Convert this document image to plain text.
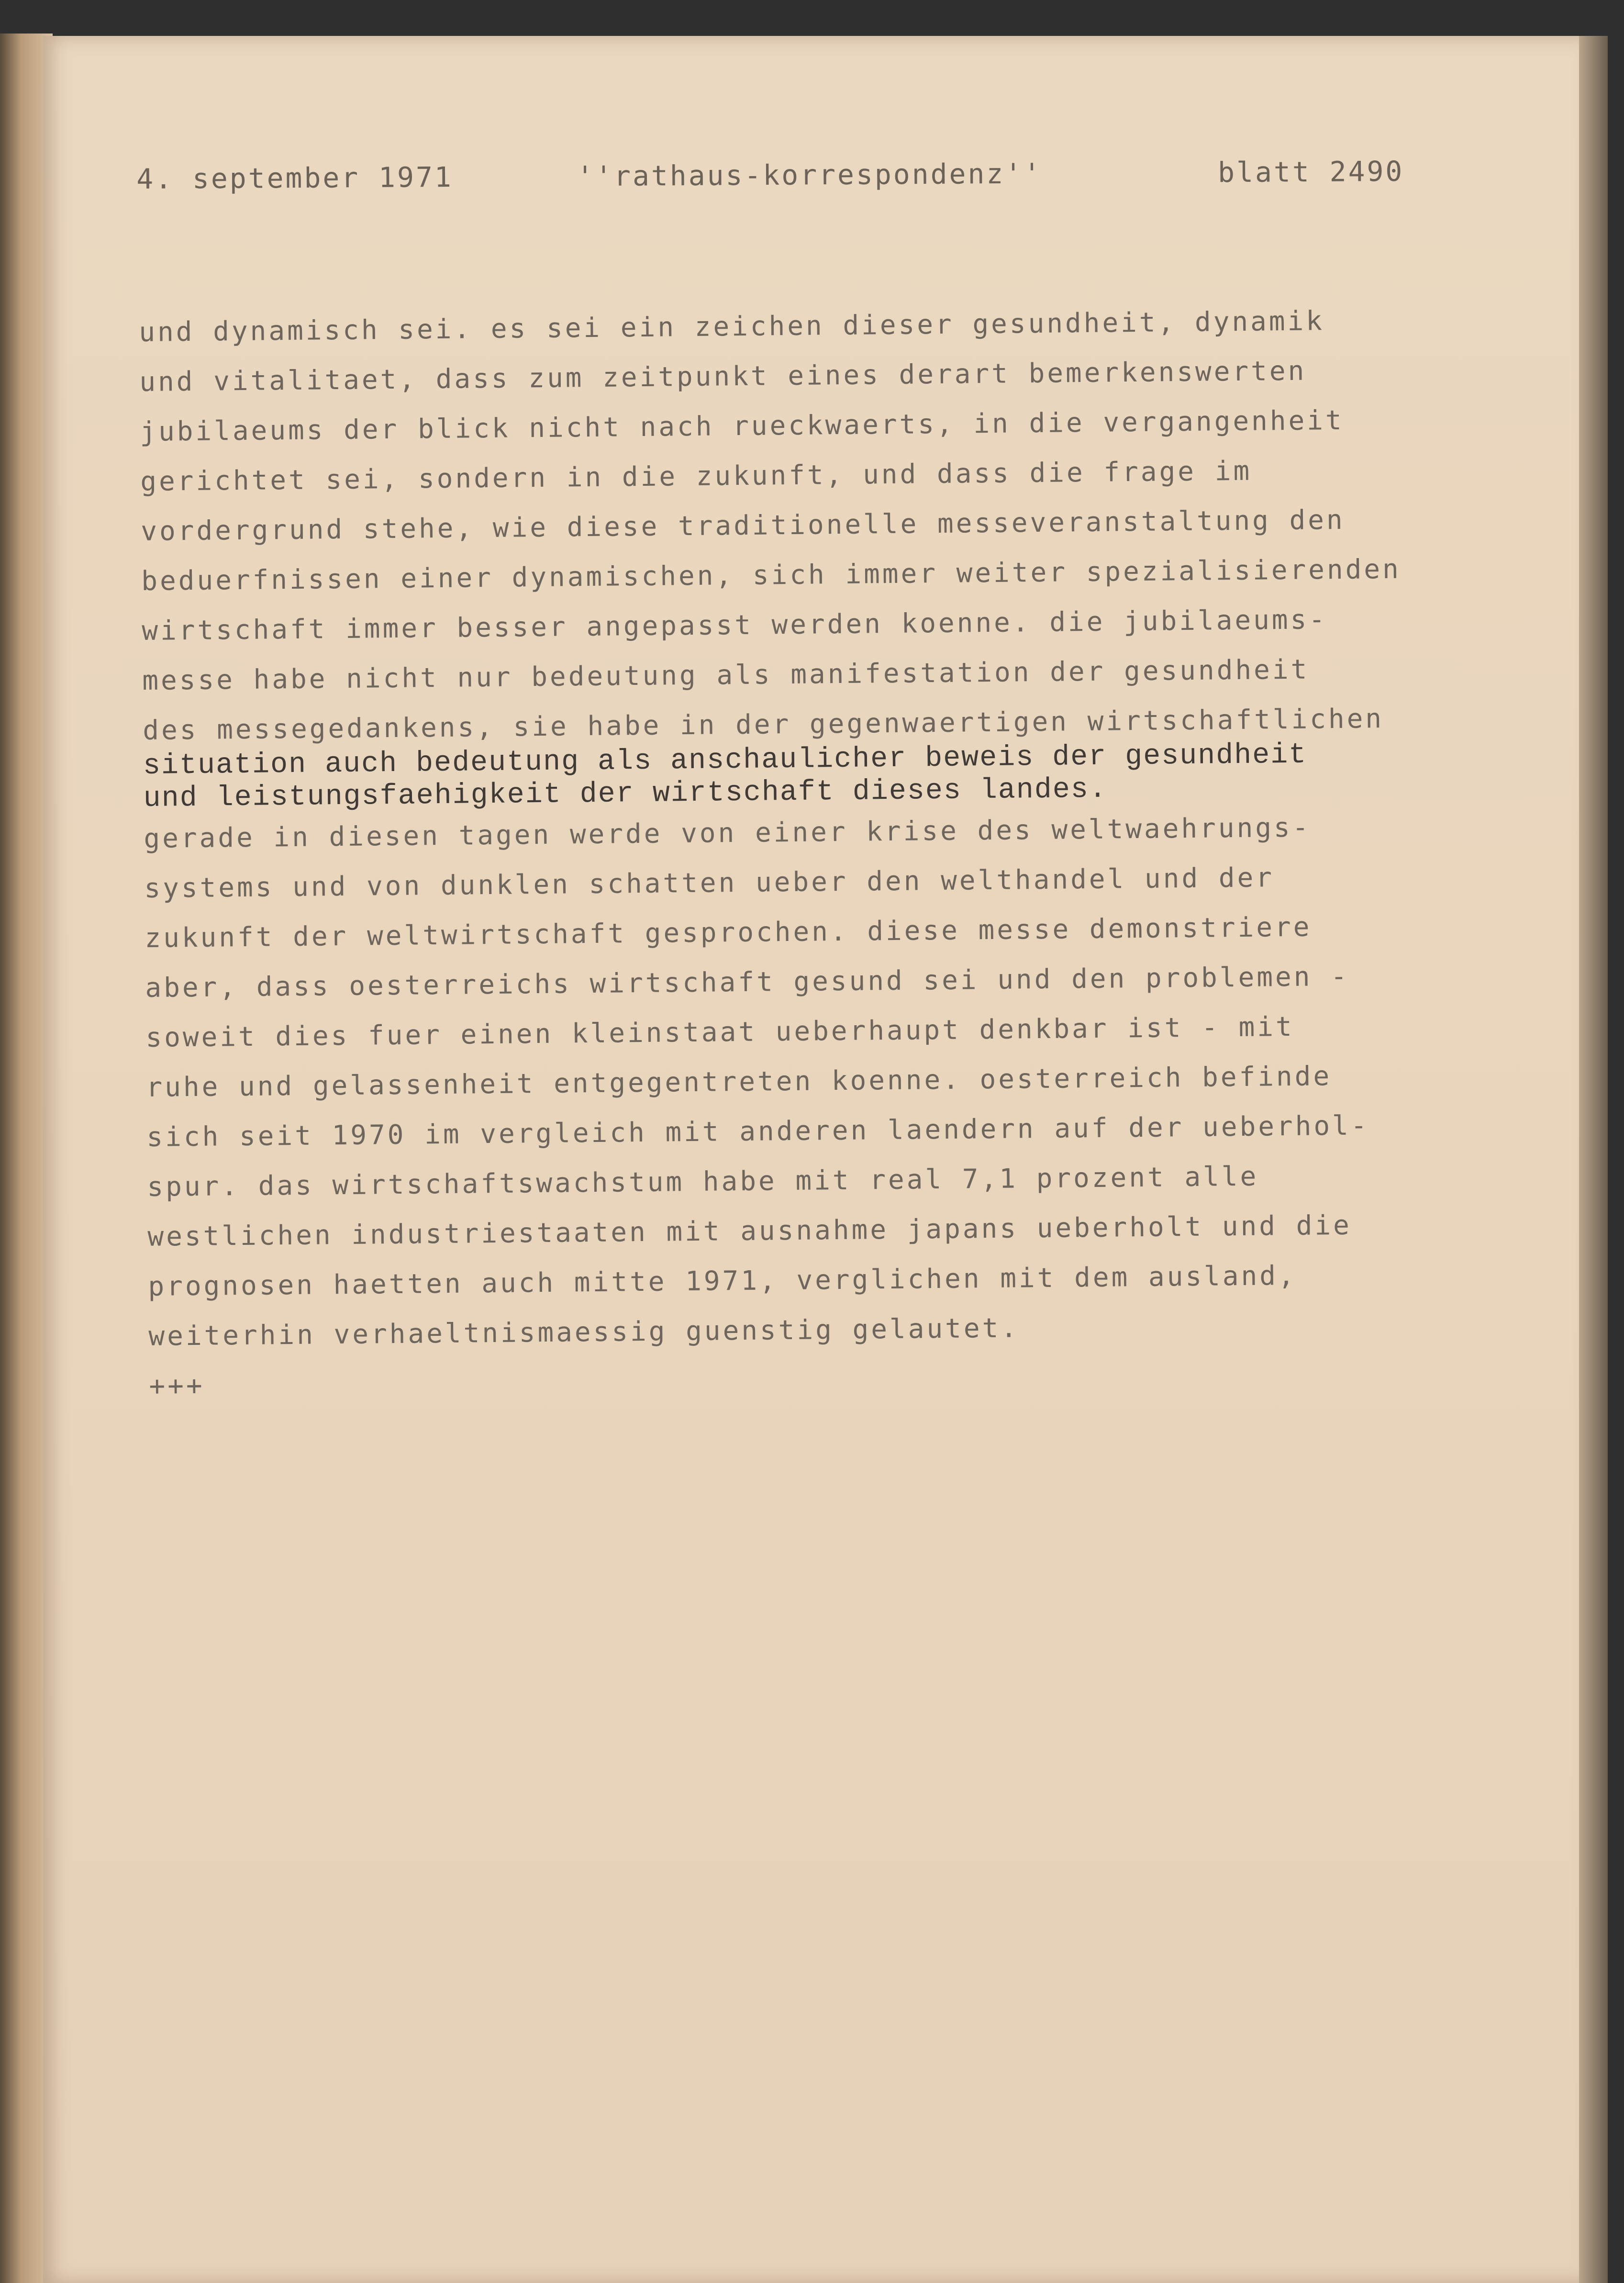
4. september 1971	''rathaus-korrespondenz''	blatt 2490
und dynamisch sei. es sei ein zeichen dieser gesundheit, dynamik
und vitalitaet, dass zum zeitpunkt eines derart bemerkenswerten
jubilaeums der blick nicht nach rueckwaerts, in die vergangenheit
gerichtet sei, sondern in die zukunft, und dass die frage im
vordergrund stehe, wie diese traditionelle messeveranstaltung den
beduerfnissen einer dynamischen, sich immer weiter spezialisierenden
wirtschaft immer besser angepasst werden koenne. die jubilaeums-
messe habe nicht nur bedeutung als manifestation der gesundheit
des messegedankens, sie habe in der gegenwaertigen wirtschaftlichen
situation auch bedeutung als anschaulicher beweis der gesundheit
und leistungsfaehigkeit der wirtschaft dieses landes.
gerade in diesen tagen werde von einer krise des weltwaehrungs-
systems und von dunklen schatten ueber den welthandel und der
zukunft der weltwirtschaft gesprochen. diese messe demonstriere
aber, dass oesterreichs wirtschaft gesund sei und den problemen -
soweit dies fuer einen kleinstaat ueberhaupt denkbar ist - mit
ruhe und gelassenheit entgegentreten koenne. oesterreich befinde
sich seit 1970 im vergleich mit anderen laendern auf der ueberhol-
spur. das wirtschaftswachstum habe mit real 7,1 prozent alle
westlichen industriestaaten mit ausnahme japans ueberholt und die
prognosen haetten auch mitte 1971, verglichen mit dem ausland,
weiterhin verhaeltnismaessig guenstig gelautet.
+++
